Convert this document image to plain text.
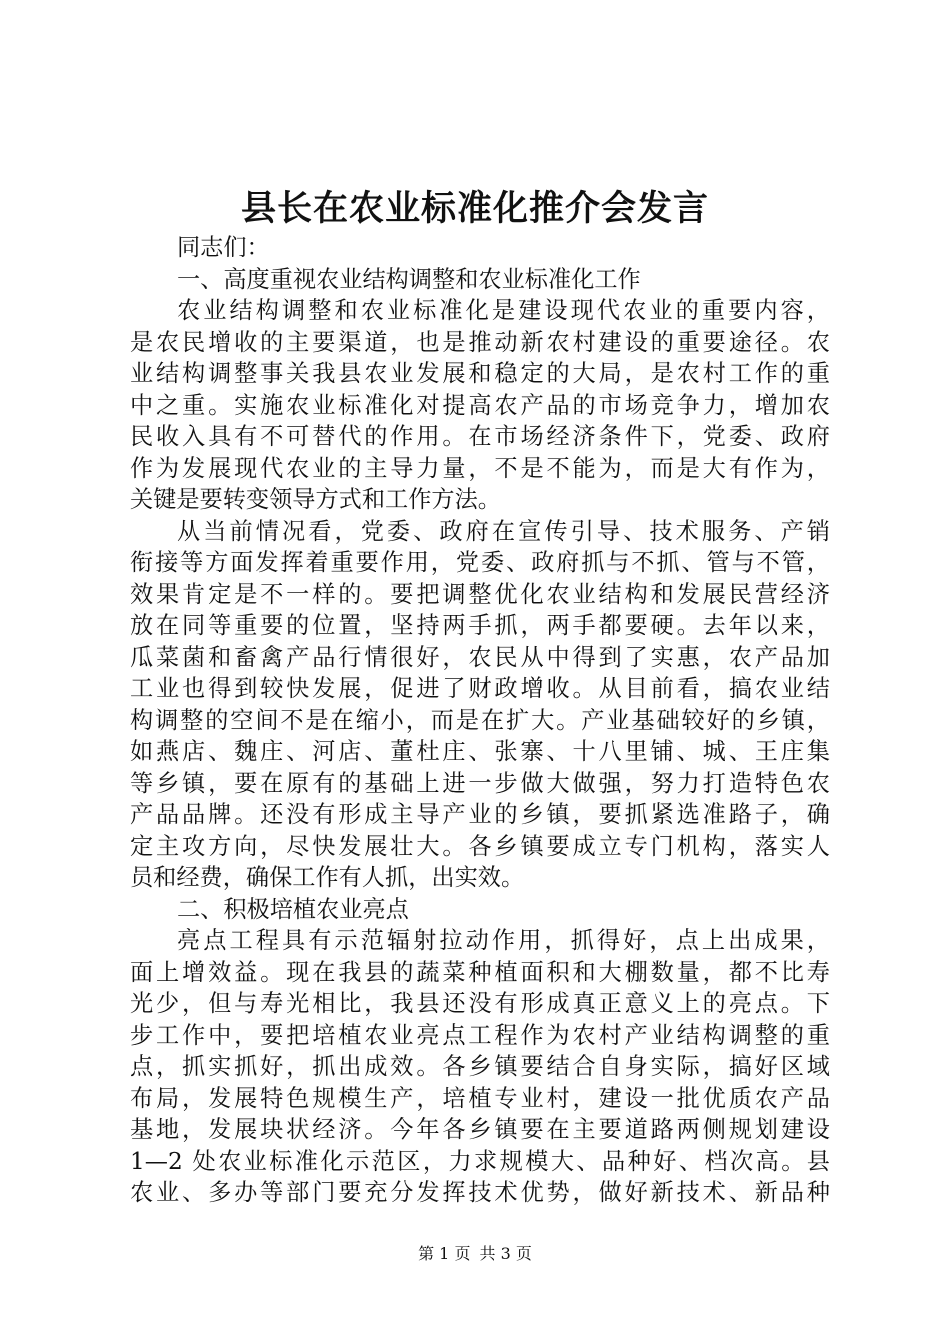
县长在农业标准化推介会发言
同志们：
一、高度重视农业结构调整和农业标准化工作
农业结构调整和农业标准化是建设现代农业的重要内容，
是农民增收的主要渠道，也是推动新农村建设的重要途径。农
业结构调整事关我县农业发展和稳定的大局，是农村工作的重
中之重。实施农业标准化对提高农产品的市场竞争力，增加农
民收入具有不可替代的作用。在市场经济条件下，党委、政府
作为发展现代农业的主导力量，不是不能为，而是大有作为，
关键是要转变领导方式和工作方法。
从当前情况看，党委、政府在宣传引导、技术服务、产销
衔接等方面发挥着重要作用，党委、政府抓与不抓、管与不管，
效果肯定是不一样的。要把调整优化农业结构和发展民营经济
放在同等重要的位置，坚持两手抓，两手都要硬。去年以来，
瓜菜菌和畜禽产品行情很好，农民从中得到了实惠，农产品加
工业也得到较快发展，促进了财政增收。从目前看，搞农业结
构调整的空间不是在缩小，而是在扩大。产业基础较好的乡镇，
如燕店、魏庄、河店、董杜庄、张寨、十八里铺、城、王庄集
等乡镇，要在原有的基础上进一步做大做强，努力打造特色农
产品品牌。还没有形成主导产业的乡镇，要抓紧选准路子，确
定主攻方向，尽快发展壮大。各乡镇要成立专门机构，落实人
员和经费，确保工作有人抓，出实效。
二、积极培植农业亮点
亮点工程具有示范辐射拉动作用，抓得好，点上出成果，
面上增效益。现在我县的蔬菜种植面积和大棚数量，都不比寿
光少，但与寿光相比，我县还没有形成真正意义上的亮点。下
步工作中，要把培植农业亮点工程作为农村产业结构调整的重
点，抓实抓好，抓出成效。各乡镇要结合自身实际，搞好区域
布局，发展特色规模生产，培植专业村，建设一批优质农产品
基地，发展块状经济。今年各乡镇要在主要道路两侧规划建设
1—2 处农业标准化示范区，力求规模大、品种好、档次高。县
农业、多办等部门要充分发挥技术优势，做好新技术、新品种
第 1 页 共 3 页
